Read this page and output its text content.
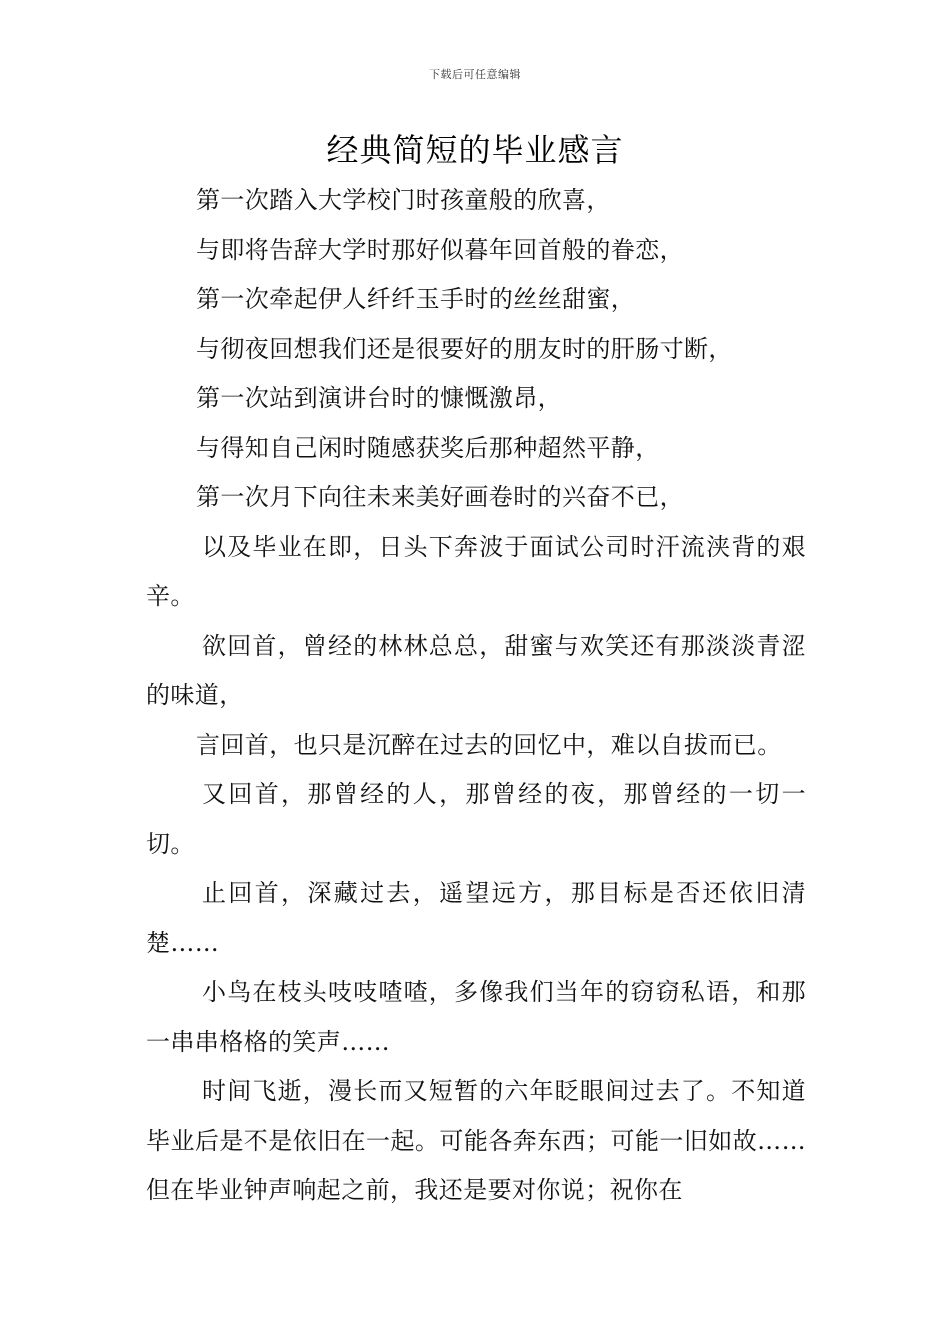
下载后可任意编辑
经典简短的毕业感言

第一次踏入大学校门时孩童般的欣喜，

与即将告辞大学时那好似暮年回首般的眷恋，

第一次牵起伊人纤纤玉手时的丝丝甜蜜，

与彻夜回想我们还是很要好的朋友时的肝肠寸断，

第一次站到演讲台时的慷慨激昂，

与得知自己闲时随感获奖后那种超然平静，

第一次月下向往未来美好画卷时的兴奋不已，

以及毕业在即，日头下奔波于面试公司时汗流浃背的艰辛。

欲回首，曾经的林林总总，甜蜜与欢笑还有那淡淡青涩的味道，

言回首，也只是沉醉在过去的回忆中，难以自拔而已。

又回首，那曾经的人，那曾经的夜，那曾经的一切一切。

止回首，深藏过去，遥望远方，那目标是否还依旧清楚……

小鸟在枝头吱吱喳喳，多像我们当年的窃窃私语，和那一串串格格的笑声……

时间飞逝，漫长而又短暂的六年眨眼间过去了。不知道毕业后是不是依旧在一起。可能各奔东西；可能一旧如故……但在毕业钟声响起之前，我还是要对你说；祝你在
